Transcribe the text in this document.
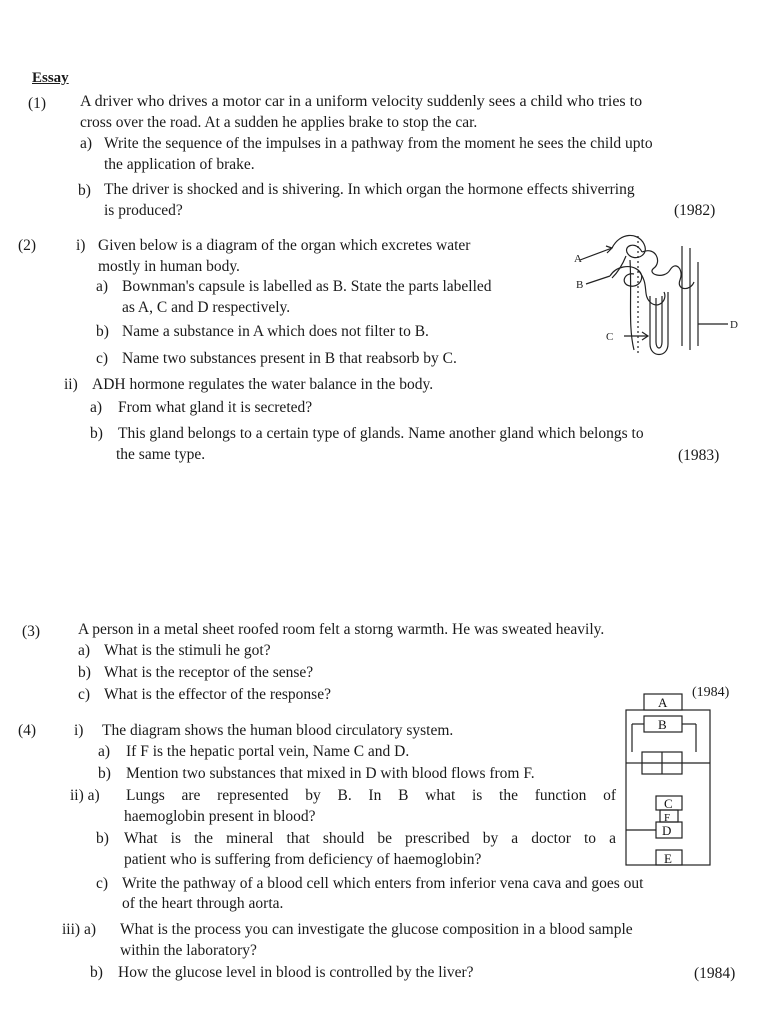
Essay
(1) A driver who drives a motor car in a uniform velocity suddenly sees a child who tries to
cross over the road. At a sudden he applies brake to stop the car.
a) Write the sequence of the impulses in a pathway from the moment he sees the child upto
the application of brake.
b) The driver is shocked and is shivering. In which organ the hormone effects shiverring
is produced?	(1982)
(2)	i) Given below is a diagram of the organ which excretes water
mostly in human body.
a) Bownman's capsule is labelled as B. State the parts labelled
as A, C and D respectively.
b) Name a substance in A which does not filter to B.
c) Name two substances present in B that reabsorb by C.
ii) ADH hormone regulates the water balance in the body.
a) From what gland it is secreted?
b) This gland belongs to a certain type of glands. Name another gland which belongs to
the same type.	(1983)
A
B
C
D
(3) A person in a metal sheet roofed room felt a storng warmth. He was sweated heavily.
a) What is the stimuli he got?
b) What is the receptor of the sense?
c) What is the effector of the response?	(1984)
(4) i) The diagram shows the human blood circulatory system.
a) If F is the hepatic portal vein, Name C and D.
b) Mention two substances that mixed in D with blood flows from F.
ii) a) Lungs are represented by B. In B what is the function of
haemoglobin present in blood?
b) What is the mineral that should be prescribed by a doctor to a
patient who is suffering from deficiency of haemoglobin?
c) Write the pathway of a blood cell which enters from inferior vena cava and goes out
of the heart through aorta.
iii) a) What is the process you can investigate the glucose composition in a blood sample
within the laboratory?
b) How the glucose level in blood is controlled by the liver?	(1984)
A
B
C
F
D
E
